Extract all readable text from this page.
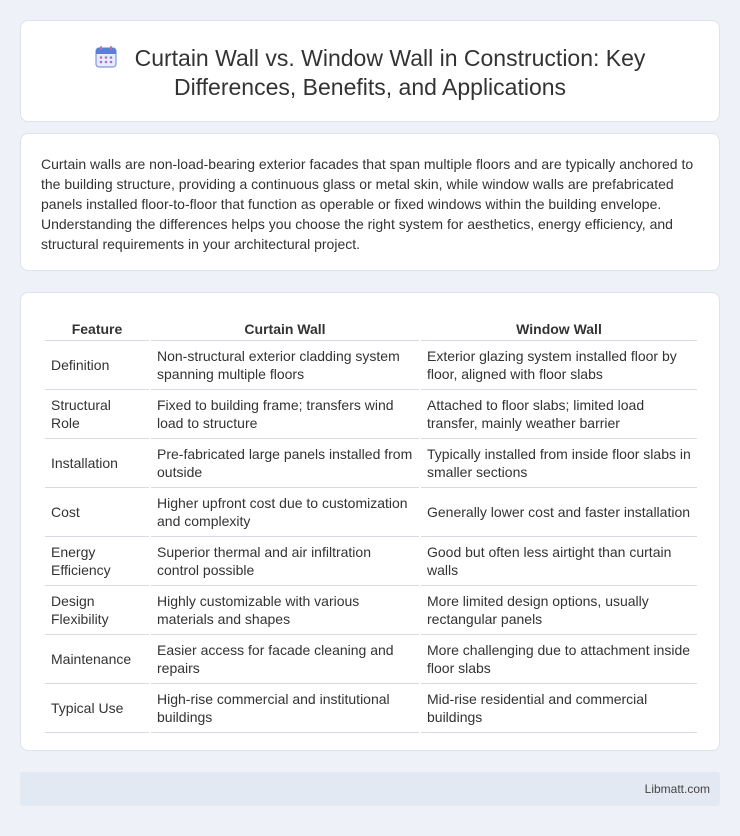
Curtain Wall vs. Window Wall in Construction: Key Differences, Benefits, and Applications

Curtain walls are non-load-bearing exterior facades that span multiple floors and are typically anchored to the building structure, providing a continuous glass or metal skin, while window walls are prefabricated panels installed floor-to-floor that function as operable or fixed windows within the building envelope. Understanding the differences helps you choose the right system for aesthetics, energy efficiency, and structural requirements in your architectural project.

Feature	Curtain Wall	Window Wall
Definition	Non-structural exterior cladding system spanning multiple floors	Exterior glazing system installed floor by floor, aligned with floor slabs
Structural Role	Fixed to building frame; transfers wind load to structure	Attached to floor slabs; limited load transfer, mainly weather barrier
Installation	Pre-fabricated large panels installed from outside	Typically installed from inside floor slabs in smaller sections
Cost	Higher upfront cost due to customization and complexity	Generally lower cost and faster installation
Energy Efficiency	Superior thermal and air infiltration control possible	Good but often less airtight than curtain walls
Design Flexibility	Highly customizable with various materials and shapes	More limited design options, usually rectangular panels
Maintenance	Easier access for facade cleaning and repairs	More challenging due to attachment inside floor slabs
Typical Use	High-rise commercial and institutional buildings	Mid-rise residential and commercial buildings
Libmatt.com
